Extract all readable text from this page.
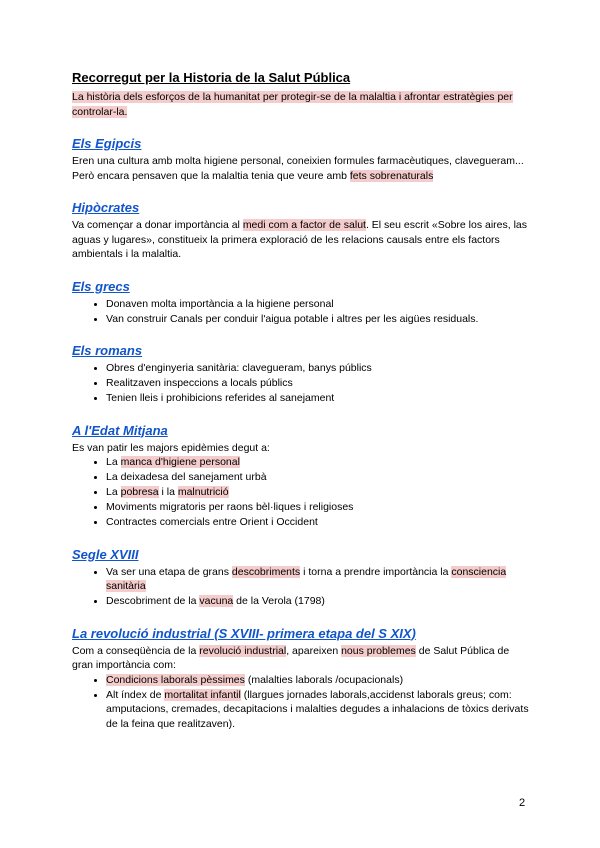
Recorregut per la Historia de la Salut Pública

La història dels esforços de la humanitat per protegir-se de la malaltia i afrontar estratègies per controlar-la.

Els Egipcis

Eren una cultura amb molta higiene personal, coneixien formules farmacèutiques, clavegueram... Però encara pensaven que la malaltia tenia que veure amb fets sobrenaturals

Hipòcrates

Va començar a donar importància al medi com a factor de salut. El seu escrit «Sobre los aires, las aguas y lugares», constitueix la primera exploració de les relacions causals entre els factors ambientals i la malaltia.

Els grecs
• Donaven molta importància a la higiene personal
• Van construir Canals per conduir l'aigua potable i altres per les aigües residuals.
Els romans
• Obres d'enginyeria sanitària: clavegueram, banys públics
• Realitzaven inspeccions a locals públics
• Tenien lleis i prohibicions referides al sanejament
A l'Edat Mitjana

Es van patir les majors epidèmies degut a:

• La manca d'higiene personal
• La deixadesa del sanejament urbà
• La pobresa i la malnutrició
• Moviments migratoris per raons bèl·liques i religioses
• Contractes comercials entre Orient i Occident
Segle XVIII
• Va ser una etapa de grans descobriments i torna a prendre importància la consciencia sanitària
• Descobriment de la vacuna de la Verola (1798)
La revolució industrial (S XVIII- primera etapa del S XIX)

Com a conseqüència de la revolució industrial, apareixen nous problemes de Salut Pública de gran importància com:

• Condicions laborals pèssimes (malalties laborals /ocupacionals)
• Alt índex de mortalitat infantil (llargues jornades laborals,accidenst laborals greus; com: amputacions, cremades, decapitacions i malalties degudes a inhalacions de tòxics derivats de la feina que realitzaven).
2
